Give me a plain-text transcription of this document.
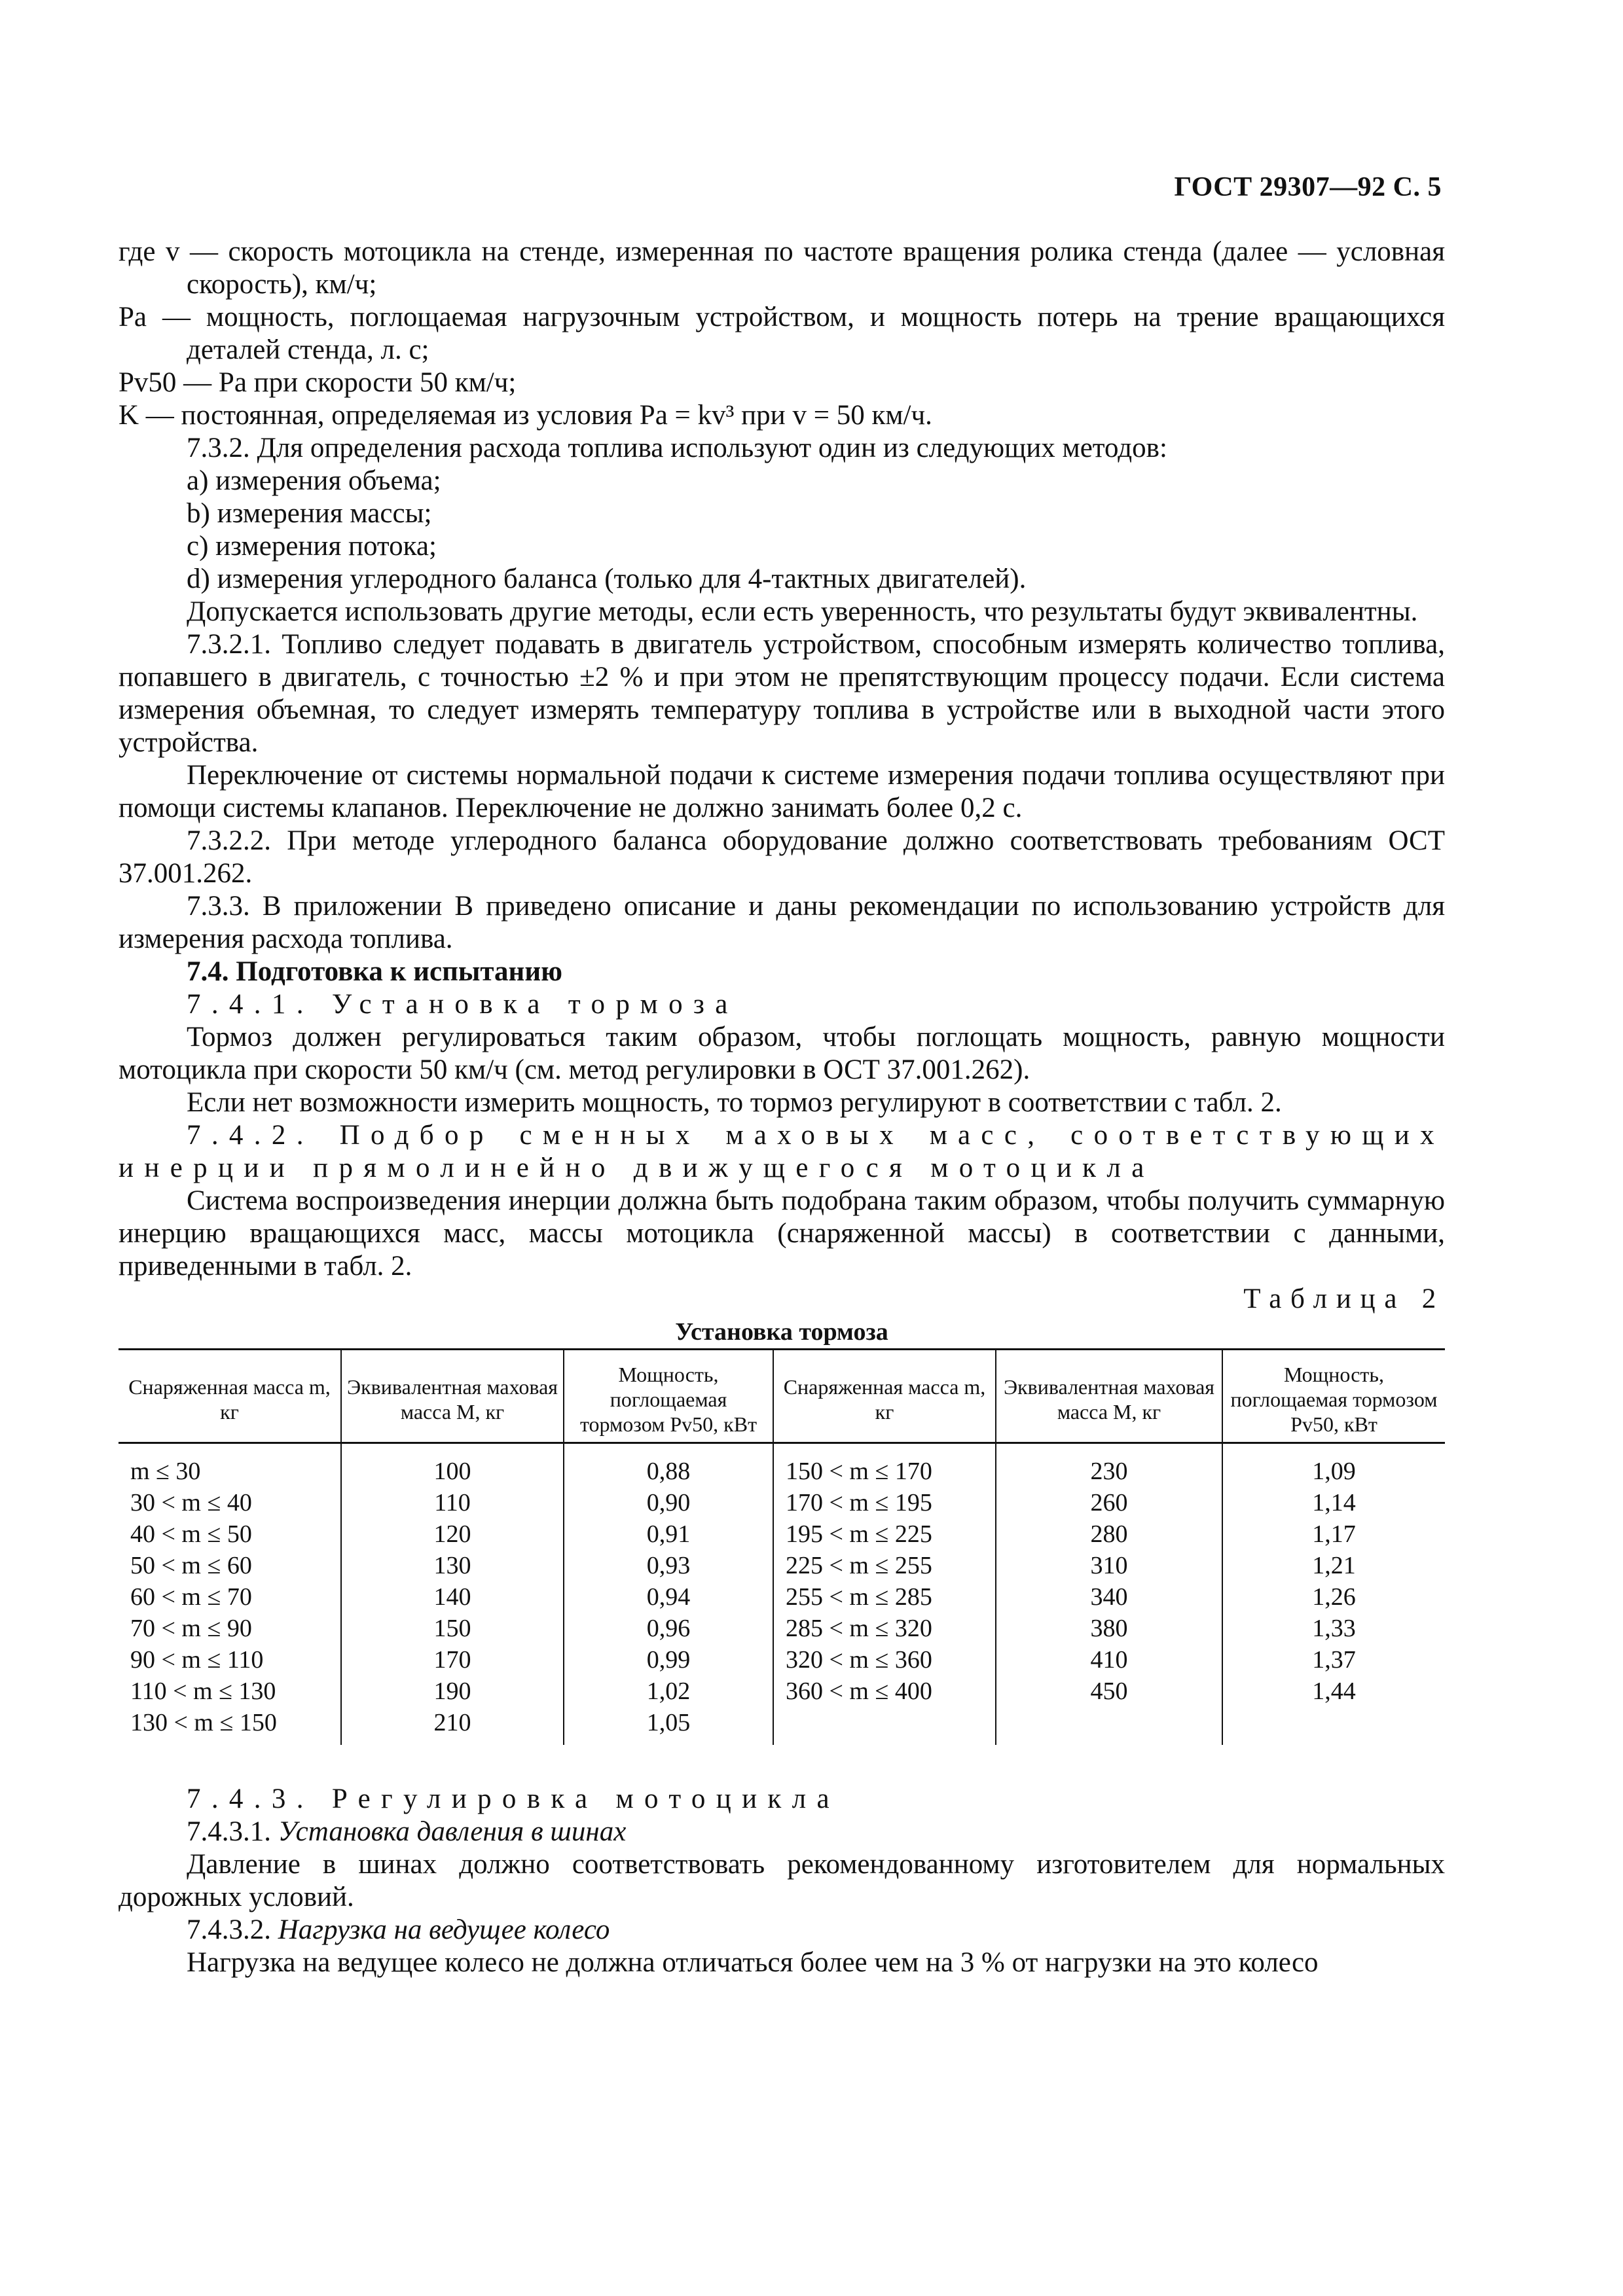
ГОСТ 29307—92 С. 5

где v — скорость мотоцикла на стенде, измеренная по частоте вращения ролика стенда (далее — условная скорость), км/ч;

Pа — мощность, поглощаемая нагрузочным устройством, и мощность потерь на трение вращающихся деталей стенда, л. с;

Pv50 — Pа при скорости 50 км/ч;

K — постоянная, определяемая из условия Pа = kv³ при v = 50 км/ч.

7.3.2. Для определения расхода топлива используют один из следующих методов:

а) измерения объема;

b) измерения массы;

c) измерения потока;

d) измерения углеродного баланса (только для 4-тактных двигателей).

Допускается использовать другие методы, если есть уверенность, что результаты будут эквивалентны.

7.3.2.1. Топливо следует подавать в двигатель устройством, способным измерять количество топлива, попавшего в двигатель, с точностью ±2 % и при этом не препятствующим процессу подачи. Если система измерения объемная, то следует измерять температуру топлива в устройстве или в выходной части этого устройства.

Переключение от системы нормальной подачи к системе измерения подачи топлива осуществляют при помощи системы клапанов. Переключение не должно занимать более 0,2 с.

7.3.2.2. При методе углеродного баланса оборудование должно соответствовать требованиям ОСТ 37.001.262.

7.3.3. В приложении В приведено описание и даны рекомендации по использованию устройств для измерения расхода топлива.

7.4. Подготовка к испытанию

7.4.1. Установка тормоза

Тормоз должен регулироваться таким образом, чтобы поглощать мощность, равную мощности мотоцикла при скорости 50 км/ч (см. метод регулировки в ОСТ 37.001.262).

Если нет возможности измерить мощность, то тормоз регулируют в соответствии с табл. 2.

7.4.2. Подбор сменных маховых масс, соответствующих инерции прямолинейно движущегося мотоцикла

Система воспроизведения инерции должна быть подобрана таким образом, чтобы получить суммарную инерцию вращающихся масс, массы мотоцикла (снаряженной массы) в соответствии с данными, приведенными в табл. 2.

Таблица 2

Установка тормоза

Снаряженная масса m, кг	Эквивалентная маховая масса M, кг	Мощность, поглощаемая тормозом Pv50, кВт	Снаряженная масса m, кг	Эквивалентная маховая масса M, кг	Мощность, поглощаемая тормозом Pv50, кВт
m ≤ 30	100	0,88	150 < m ≤ 170	230	1,09
30 < m ≤ 40	110	0,90	170 < m ≤ 195	260	1,14
40 < m ≤ 50	120	0,91	195 < m ≤ 225	280	1,17
50 < m ≤ 60	130	0,93	225 < m ≤ 255	310	1,21
60 < m ≤ 70	140	0,94	255 < m ≤ 285	340	1,26
70 < m ≤ 90	150	0,96	285 < m ≤ 320	380	1,33
90 < m ≤ 110	170	0,99	320 < m ≤ 360	410	1,37
110 < m ≤ 130	190	1,02	360 < m ≤ 400	450	1,44
130 < m ≤ 150	210	1,05			

7.4.3. Регулировка мотоцикла

7.4.3.1. Установка давления в шинах

Давление в шинах должно соответствовать рекомендованному изготовителем для нормальных дорожных условий.

7.4.3.2. Нагрузка на ведущее колесо

Нагрузка на ведущее колесо не должна отличаться более чем на 3 % от нагрузки на это колесо
